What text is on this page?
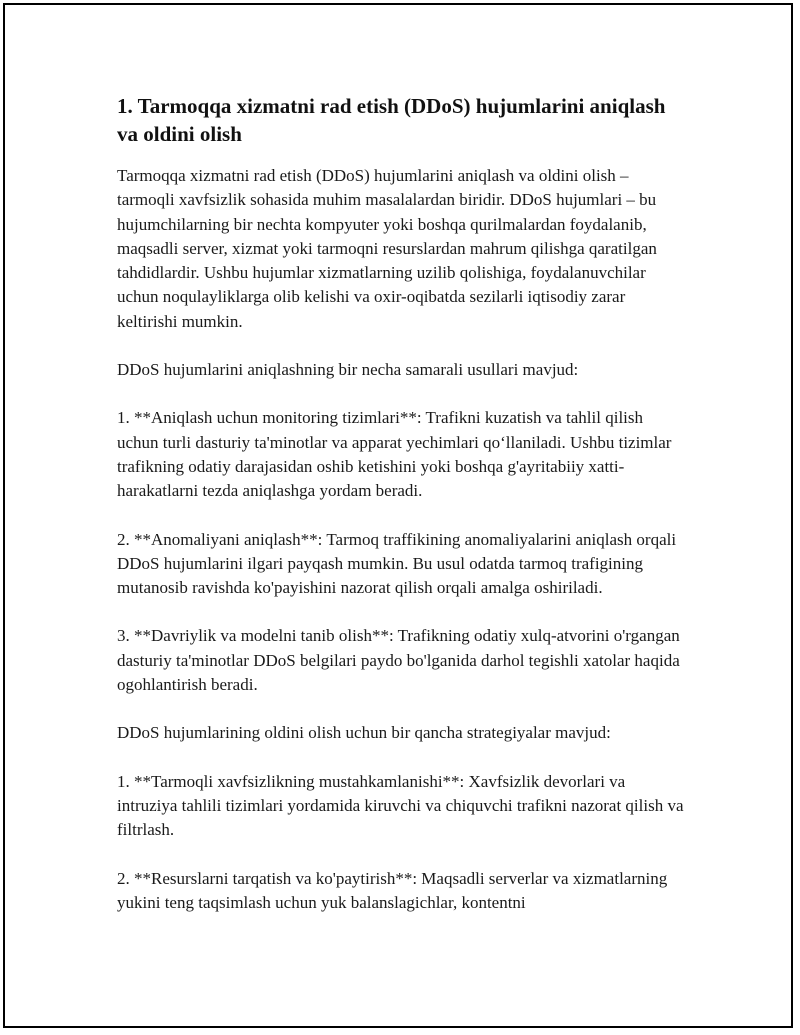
1. Tarmoqqa xizmatni rad etish (DDoS) hujumlarini aniqlash va oldini olish

Tarmoqqa xizmatni rad etish (DDoS) hujumlarini aniqlash va oldini olish – tarmoqli xavfsizlik sohasida muhim masalalardan biridir. DDoS hujumlari – bu hujumchilarning bir nechta kompyuter yoki boshqa qurilmalardan foydalanib, maqsadli server, xizmat yoki tarmoqni resurslardan mahrum qilishga qaratilgan tahdidlardir. Ushbu hujumlar xizmatlarning uzilib qolishiga, foydalanuvchilar uchun noqulayliklarga olib kelishi va oxir-oqibatda sezilarli iqtisodiy zarar keltirishi mumkin.

DDoS hujumlarini aniqlashning bir necha samarali usullari mavjud:

1. **Aniqlash uchun monitoring tizimlari**: Trafikni kuzatish va tahlil qilish uchun turli dasturiy ta'minotlar va apparat yechimlari qo‘llaniladi. Ushbu tizimlar trafikning odatiy darajasidan oshib ketishini yoki boshqa g'ayritabiiy xatti-harakatlarni tezda aniqlashga yordam beradi.

2. **Anomaliyani aniqlash**: Tarmoq traffikining anomaliyalarini aniqlash orqali DDoS hujumlarini ilgari payqash mumkin. Bu usul odatda tarmoq trafigining mutanosib ravishda ko'payishini nazorat qilish orqali amalga oshiriladi.

3. **Davriylik va modelni tanib olish**: Trafikning odatiy xulq-atvorini o'rgangan dasturiy ta'minotlar DDoS belgilari paydo bo'lganida darhol tegishli xatolar haqida ogohlantirish beradi.

DDoS hujumlarining oldini olish uchun bir qancha strategiyalar mavjud:

1. **Tarmoqli xavfsizlikning mustahkamlanishi**: Xavfsizlik devorlari va intruziya tahlili tizimlari yordamida kiruvchi va chiquvchi trafikni nazorat qilish va filtrlash.

2. **Resurslarni tarqatish va ko'paytirish**: Maqsadli serverlar va xizmatlarning yukini teng taqsimlash uchun yuk balanslagichlar, kontentni
